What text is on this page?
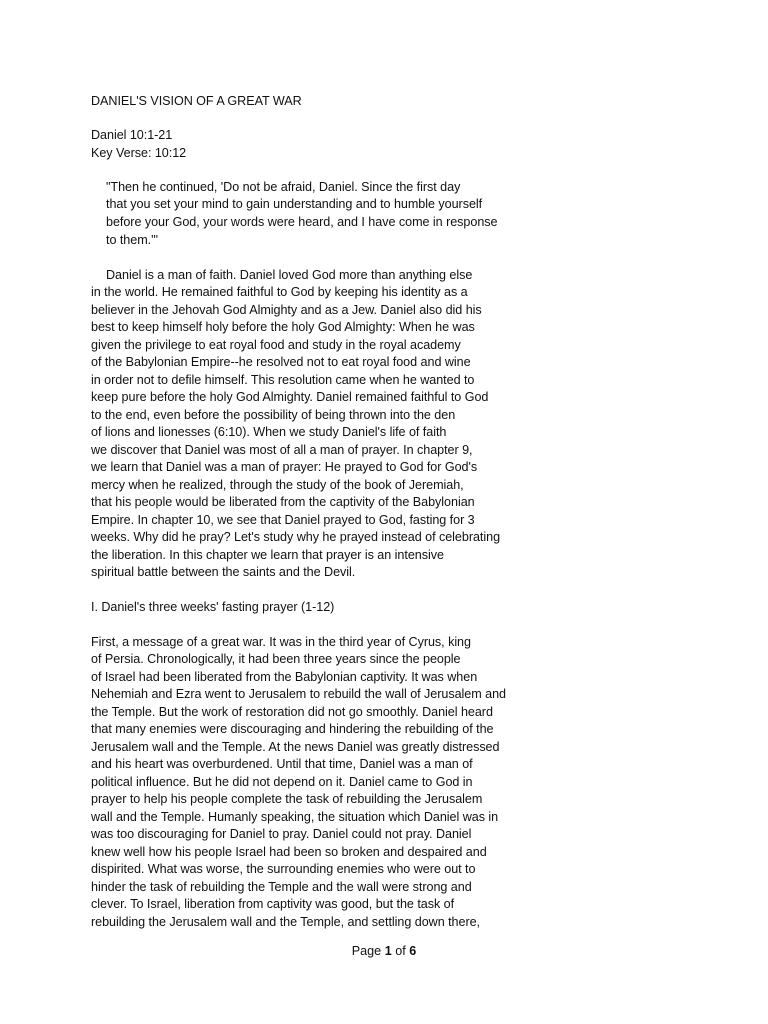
DANIEL'S VISION OF A GREAT WAR
Daniel 10:1-21
Key Verse: 10:12
"Then he continued, 'Do not be afraid, Daniel. Since the first day
that you set your mind to gain understanding and to humble yourself
before your God, your words were heard, and I have come in response
to them.'"
Daniel is a man of faith. Daniel loved God more than anything else
in the world. He remained faithful to God by keeping his identity as a
believer in the Jehovah God Almighty and as a Jew. Daniel also did his
best to keep himself holy before the holy God Almighty: When he was
given the privilege to eat royal food and study in the royal academy
of the Babylonian Empire--he resolved not to eat royal food and wine
in order not to defile himself. This resolution came when he wanted to
keep pure before the holy God Almighty. Daniel remained faithful to God
to the end, even before the possibility of being thrown into the den
of lions and lionesses (6:10). When we study Daniel's life of faith
we discover that Daniel was most of all a man of prayer. In chapter 9,
we learn that Daniel was a man of prayer: He prayed to God for God's
mercy when he realized, through the study of the book of Jeremiah,
that his people would be liberated from the captivity of the Babylonian
Empire. In chapter 10, we see that Daniel prayed to God, fasting for 3
weeks. Why did he pray? Let's study why he prayed instead of celebrating
the liberation. In this chapter we learn that prayer is an intensive
spiritual battle between the saints and the Devil.
I. Daniel's three weeks' fasting prayer (1-12)
First, a message of a great war. It was in the third year of Cyrus, king
of Persia. Chronologically, it had been three years since the people
of Israel had been liberated from the Babylonian captivity. It was when
Nehemiah and Ezra went to Jerusalem to rebuild the wall of Jerusalem and
the Temple. But the work of restoration did not go smoothly. Daniel heard
that many enemies were discouraging and hindering the rebuilding of the
Jerusalem wall and the Temple. At the news Daniel was greatly distressed
and his heart was overburdened. Until that time, Daniel was a man of
political influence. But he did not depend on it. Daniel came to God in
prayer to help his people complete the task of rebuilding the Jerusalem
wall and the Temple. Humanly speaking, the situation which Daniel was in
was too discouraging for Daniel to pray. Daniel could not pray. Daniel
knew well how his people Israel had been so broken and despaired and
dispirited. What was worse, the surrounding enemies who were out to
hinder the task of rebuilding the Temple and the wall were strong and
clever. To Israel, liberation from captivity was good, but the task of
rebuilding the Jerusalem wall and the Temple, and settling down there,
Page 1 of 6
